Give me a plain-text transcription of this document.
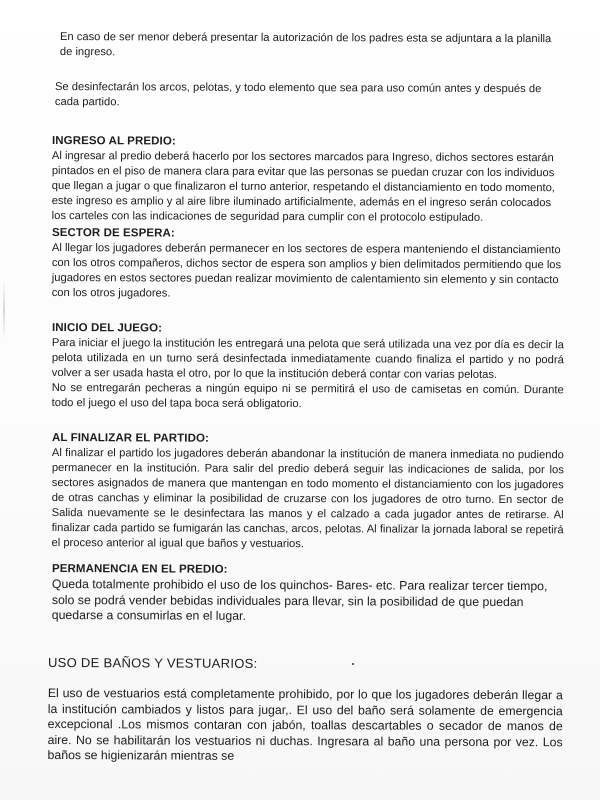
En caso de ser menor deberá presentar la autorización de los padres esta se adjuntara a la planilla de ingreso.

Se desinfectarán los arcos, pelotas, y todo elemento que sea para uso común antes y después de cada partido.

INGRESO AL PREDIO:

Al ingresar al predio deberá hacerlo por los sectores marcados para Ingreso, dichos sectores estarán pintados en el piso de manera clara para evitar que las personas se puedan cruzar con los individuos que llegan a jugar o que finalizaron el turno anterior, respetando el distanciamiento en todo momento, este ingreso es amplio y al aire libre iluminado artificialmente, además en el ingreso serán colocados los carteles con las indicaciones de seguridad para cumplir con el protocolo estipulado.

SECTOR DE ESPERA:

Al llegar los jugadores deberán permanecer en los sectores de espera manteniendo el distanciamiento con los otros compañeros, dichos sector de espera son amplios y bien delimitados permitiendo que los jugadores en estos sectores puedan realizar movimiento de calentamiento sin elemento y sin contacto con los otros jugadores.

INICIO DEL JUEGO:

Para iniciar el juego la institución les entregará una pelota que será utilizada una vez por día es decir la pelota utilizada en un turno será desinfectada inmediatamente cuando finaliza el partido y no podrá volver a ser usada hasta el otro, por lo que la institución deberá contar con varias pelotas.

No se entregarán pecheras a ningún equipo ni se permitirá el uso de camisetas en común. Durante todo el juego el uso del tapa boca será obligatorio.

AL FINALIZAR EL PARTIDO:

Al finalizar el partido los jugadores deberán abandonar la institución de manera inmediata no pudiendo permanecer en la institución. Para salir del predio deberá seguir las indicaciones de salida, por los sectores asignados de manera que mantengan en todo momento el distanciamiento con los jugadores de otras canchas y eliminar la posibilidad de cruzarse con los jugadores de otro turno. En sector de Salida nuevamente se le desinfectara las manos y el calzado a cada jugador antes de retirarse. Al finalizar cada partido se fumigarán las canchas, arcos, pelotas. Al finalizar la jornada laboral se repetirá el proceso anterior al igual que baños y vestuarios.

PERMANENCIA EN EL PREDIO:

Queda totalmente prohibido el uso de los quinchos- Bares- etc. Para realizar tercer tiempo, solo se podrá vender bebidas individuales para llevar, sin la posibilidad de que puedan quedarse a consumirlas en el lugar.

USO DE BAÑOS Y VESTUARIOS:

El uso de vestuarios está completamente prohibido, por lo que los jugadores deberán llegar a la institución cambiados y listos para jugar,. El uso del baño será solamente de emergencia excepcional .Los mismos contaran con jabón, toallas descartables o secador de manos de aire. No se habilitarán los vestuarios ni duchas. Ingresara al baño una persona por vez. Los baños se higienizarán mientras se
